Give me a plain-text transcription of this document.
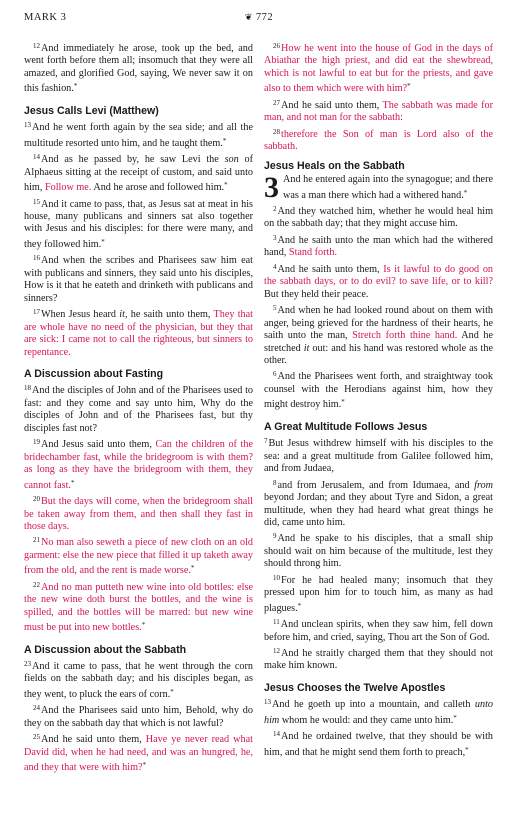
MARK 3	❦ 772

$^{12}$And immediately he arose, took up the bed, and went forth before them all; insomuch that they were all amazed, and glorified God, saying, We never saw it on this fashion.*

Jesus Calls Levi (Matthew)

$^{13}$And he went forth again by the sea side; and all the multitude resorted unto him, and he taught them.*

$^{14}$And as he passed by, he saw Levi the son of Alphaeus sitting at the receipt of custom, and said unto him, Follow me. And he arose and followed him.*

$^{15}$And it came to pass, that, as Jesus sat at meat in his house, many publicans and sinners sat also together with Jesus and his disciples: for there were many, and they followed him.*

$^{16}$And when the scribes and Pharisees saw him eat with publicans and sinners, they said unto his disciples, How is it that he eateth and drinketh with publicans and sinners?

$^{17}$When Jesus heard it, he saith unto them, They that are whole have no need of the physician, but they that are sick: I came not to call the righteous, but sinners to repentance.

A Discussion about Fasting

$^{18}$And the disciples of John and of the Pharisees used to fast: and they come and say unto him, Why do the disciples of John and of the Pharisees fast, but thy disciples fast not?

$^{19}$And Jesus said unto them, Can the children of the bridechamber fast, while the bridegroom is with them? as long as they have the bridegroom with them, they cannot fast.*

$^{20}$But the days will come, when the bridegroom shall be taken away from them, and then shall they fast in those days.

$^{21}$No man also seweth a piece of new cloth on an old garment: else the new piece that filled it up taketh away from the old, and the rent is made worse.*

$^{22}$And no man putteth new wine into old bottles: else the new wine doth burst the bottles, and the wine is spilled, and the bottles will be marred: but new wine must be put into new bottles.*

A Discussion about the Sabbath

$^{23}$And it came to pass, that he went through the corn fields on the sabbath day; and his disciples began, as they went, to pluck the ears of corn.*

$^{24}$And the Pharisees said unto him, Behold, why do they on the sabbath day that which is not lawful?

$^{25}$And he said unto them, Have ye never read what David did, when he had need, and was an hungred, he, and they that were with him?*

$^{26}$How he went into the house of God in the days of Abiathar the high priest, and did eat the shewbread, which is not lawful to eat but for the priests, and gave also to them which were with him?*

$^{27}$And he said unto them, The sabbath was made for man, and not man for the sabbath:

$^{28}$therefore the Son of man is Lord also of the sabbath.

Jesus Heals on the Sabbath

3 And he entered again into the synagogue; and there was a man there which had a withered hand.*

$^2$And they watched him, whether he would heal him on the sabbath day; that they might accuse him.

$^3$And he saith unto the man which had the withered hand, Stand forth.

$^4$And he saith unto them, Is it lawful to do good on the sabbath days, or to do evil? to save life, or to kill? But they held their peace.

$^5$And when he had looked round about on them with anger, being grieved for the hardness of their hearts, he saith unto the man, Stretch forth thine hand. And he stretched it out: and his hand was restored whole as the other.

$^6$And the Pharisees went forth, and straightway took counsel with the Herodians against him, how they might destroy him.*

A Great Multitude Follows Jesus

$^7$But Jesus withdrew himself with his disciples to the sea: and a great multitude from Galilee followed him, and from Judaea,

$^8$and from Jerusalem, and from Idumaea, and from beyond Jordan; and they about Tyre and Sidon, a great multitude, when they had heard what great things he did, came unto him.

$^9$And he spake to his disciples, that a small ship should wait on him because of the multitude, lest they should throng him.

$^{10}$For he had healed many; insomuch that they pressed upon him for to touch him, as many as had plagues.*

$^{11}$And unclean spirits, when they saw him, fell down before him, and cried, saying, Thou art the Son of God.

$^{12}$And he straitly charged them that they should not make him known.

Jesus Chooses the Twelve Apostles

$^{13}$And he goeth up into a mountain, and calleth unto him whom he would: and they came unto him.*

$^{14}$And he ordained twelve, that they should be with him, and that he might send them forth to preach,*
